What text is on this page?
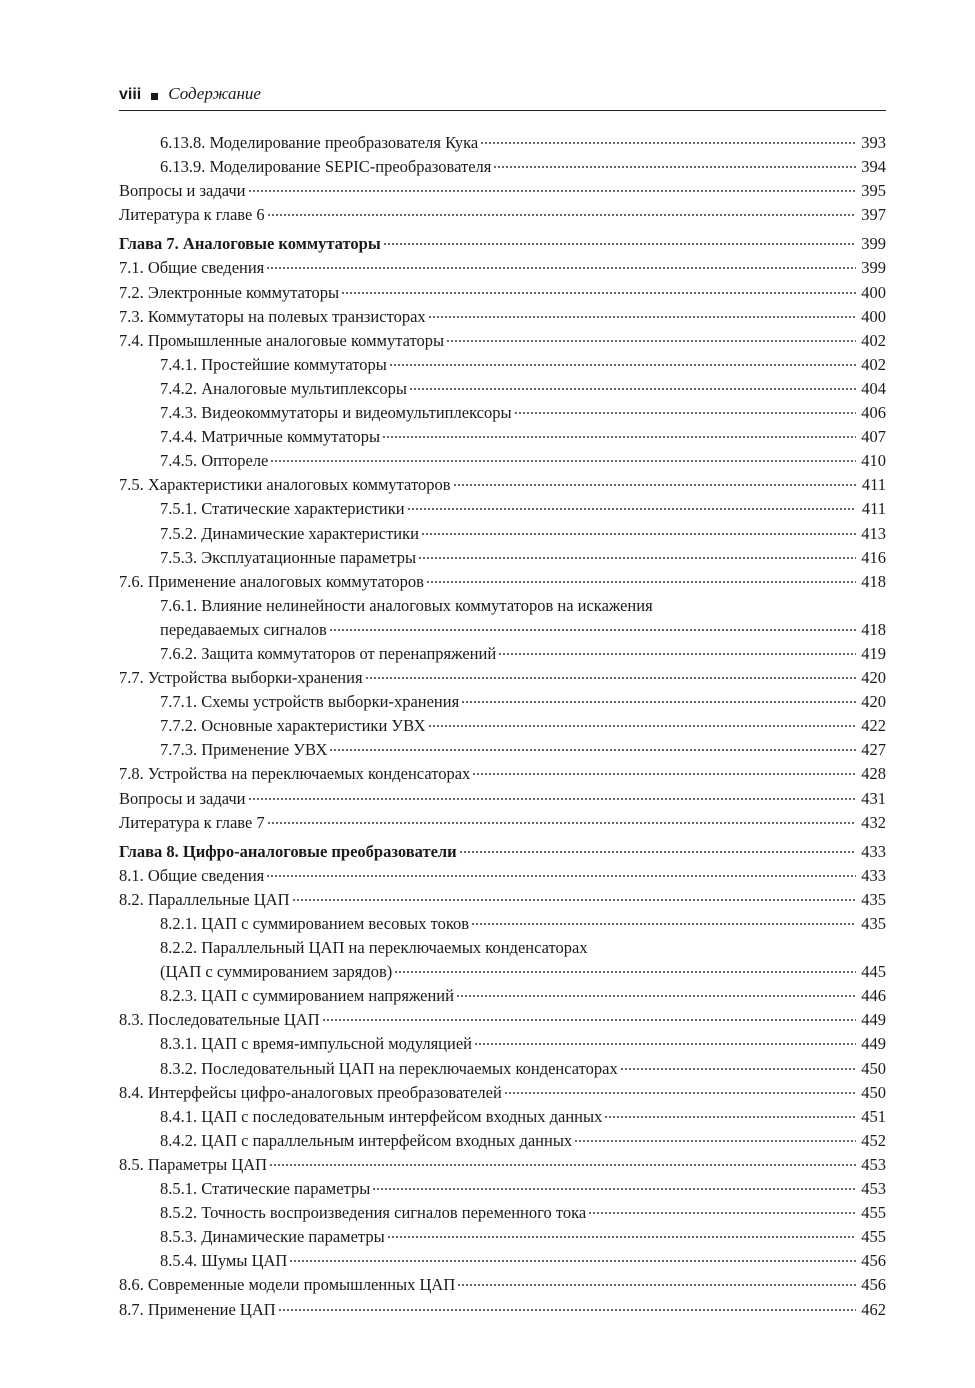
viii Содержание
6.13.8. Моделирование преобразователя Кука	393
6.13.9. Моделирование SEPIC-преобразователя	394
Вопросы и задачи	395
Литература к главе 6	397
Глава 7. Аналоговые коммутаторы	399
7.1. Общие сведения	399
7.2. Электронные коммутаторы	400
7.3. Коммутаторы на полевых транзисторах	400
7.4. Промышленные аналоговые коммутаторы	402
7.4.1. Простейшие коммутаторы	402
7.4.2. Аналоговые мультиплексоры	404
7.4.3. Видеокоммутаторы и видеомультиплексоры	406
7.4.4. Матричные коммутаторы	407
7.4.5. Оптореле	410
7.5. Характеристики аналоговых коммутаторов	411
7.5.1. Статические характеристики	411
7.5.2. Динамические характеристики	413
7.5.3. Эксплуатационные параметры	416
7.6. Применение аналоговых коммутаторов	418
7.6.1. Влияние нелинейности аналоговых коммутаторов на искажения
передаваемых сигналов	418
7.6.2. Защита коммутаторов от перенапряжений	419
7.7. Устройства выборки-хранения	420
7.7.1. Схемы устройств выборки-хранения	420
7.7.2. Основные характеристики УВХ	422
7.7.3. Применение УВХ	427
7.8. Устройства на переключаемых конденсаторах	428
Вопросы и задачи	431
Литература к главе 7	432
Глава 8. Цифро-аналоговые преобразователи	433
8.1. Общие сведения	433
8.2. Параллельные ЦАП	435
8.2.1. ЦАП с суммированием весовых токов	435
8.2.2. Параллельный ЦАП на переключаемых конденсаторах
(ЦАП с суммированием зарядов)	445
8.2.3. ЦАП с суммированием напряжений	446
8.3. Последовательные ЦАП	449
8.3.1. ЦАП с время-импульсной модуляцией	449
8.3.2. Последовательный ЦАП на переключаемых конденсаторах	450
8.4. Интерфейсы цифро-аналоговых преобразователей	450
8.4.1. ЦАП с последовательным интерфейсом входных данных	451
8.4.2. ЦАП с параллельным интерфейсом входных данных	452
8.5. Параметры ЦАП	453
8.5.1. Статические параметры	453
8.5.2. Точность воспроизведения сигналов переменного тока	455
8.5.3. Динамические параметры	455
8.5.4. Шумы ЦАП	456
8.6. Современные модели промышленных ЦАП	456
8.7. Применение ЦАП	462
